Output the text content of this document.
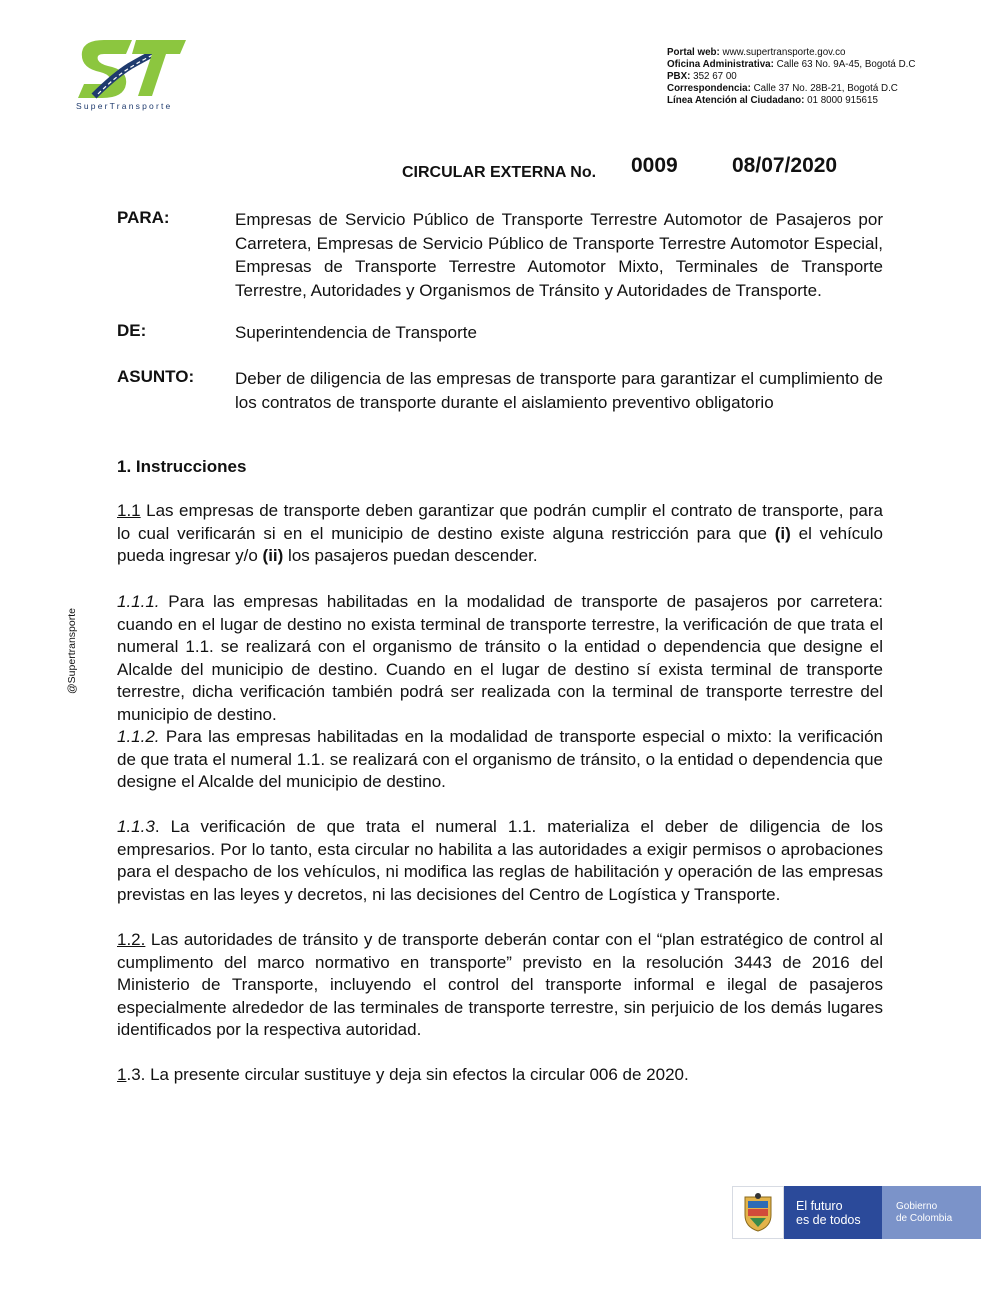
SuperTransporte
Portal web: www.supertransporte.gov.co
Oficina Administrativa: Calle 63 No. 9A-45, Bogotá D.C
PBX: 352 67 00
Correspondencia: Calle 37 No. 28B-21, Bogotá D.C
Línea Atención al Ciudadano: 01 8000 915615
CIRCULAR EXTERNA No. 0009	08/07/2020
PARA:	Empresas de Servicio Público de Transporte Terrestre Automotor de Pasajeros por Carretera, Empresas de Servicio Público de Transporte Terrestre Automotor Especial, Empresas de Transporte Terrestre Automotor Mixto, Terminales de Transporte Terrestre, Autoridades y Organismos de Tránsito y Autoridades de Transporte.
DE:	Superintendencia de Transporte
ASUNTO: Deber de diligencia de las empresas de transporte para garantizar el cumplimiento de los contratos de transporte durante el aislamiento preventivo obligatorio
1. Instrucciones
1.1 Las empresas de transporte deben garantizar que podrán cumplir el contrato de transporte, para lo cual verificarán si en el municipio de destino existe alguna restricción para que (i) el vehículo pueda ingresar y/o (ii) los pasajeros puedan descender.
1.1.1. Para las empresas habilitadas en la modalidad de transporte de pasajeros por carretera: cuando en el lugar de destino no exista terminal de transporte terrestre, la verificación de que trata el numeral 1.1. se realizará con el organismo de tránsito o la entidad o dependencia que designe el Alcalde del municipio de destino. Cuando en el lugar de destino sí exista terminal de transporte terrestre, dicha verificación también podrá ser realizada con la terminal de transporte terrestre del municipio de destino.
1.1.2. Para las empresas habilitadas en la modalidad de transporte especial o mixto: la verificación de que trata el numeral 1.1. se realizará con el organismo de tránsito, o la entidad o dependencia que designe el Alcalde del municipio de destino.
1.1.3. La verificación de que trata el numeral 1.1. materializa el deber de diligencia de los empresarios. Por lo tanto, esta circular no habilita a las autoridades a exigir permisos o aprobaciones para el despacho de los vehículos, ni modifica las reglas de habilitación y operación de las empresas previstas en las leyes y decretos, ni las decisiones del Centro de Logística y Transporte.
1.2. Las autoridades de tránsito y de transporte deberán contar con el “plan estratégico de control al cumplimento del marco normativo en transporte” previsto en la resolución 3443 de 2016 del Ministerio de Transporte, incluyendo el control del transporte informal e ilegal de pasajeros especialmente alrededor de las terminales de transporte terrestre, sin perjuicio de los demás lugares identificados por la respectiva autoridad.
1.3. La presente circular sustituye y deja sin efectos la circular 006 de 2020.
@Supertransporte
El futuro
es de todos
Gobierno
de Colombia
